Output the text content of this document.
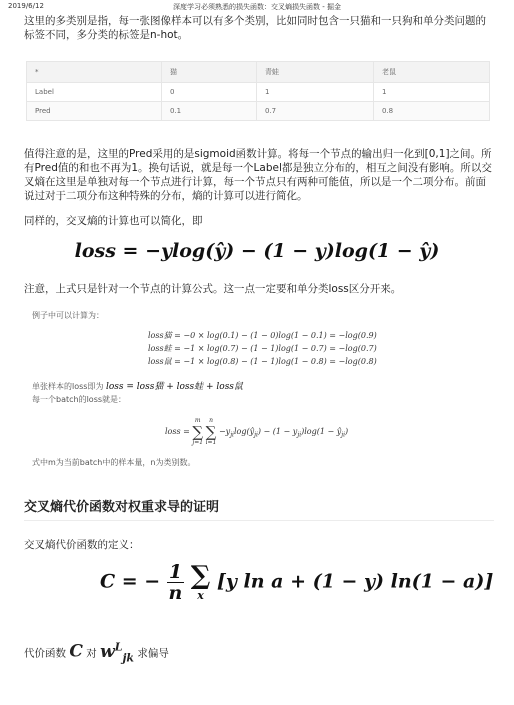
2019/6/12	深度学习必须熟悉的损失函数：交叉熵损失函数 - 掘金
这里的多类别是指，每一张图像样本可以有多个类别，比如同时包含一只猫和一只狗和单分类问题的标签不同，多分类的标签是n-hot。
*	猫	青蛙	老鼠
Label	0	1	1
Pred	0.1	0.7	0.8
值得注意的是，这里的Pred采用的是sigmoid函数计算。将每一个节点的输出归一化到[0,1]之间。所有Pred值的和也不再为1。换句话说，就是每一个Label都是独立分布的，相互之间没有影响。所以交叉熵在这里是单独对每一个节点进行计算，每一个节点只有两种可能值，所以是一个二项分布。前面说过对于二项分布这种特殊的分布，熵的计算可以进行简化。
同样的，交叉熵的计算也可以简化，即
loss = −ylog(ŷ) − (1 − y)log(1 − ŷ)
注意，上式只是针对一个节点的计算公式。这一点一定要和单分类loss区分开来。
例子中可以计算为：
loss猫 = −0 × log(0.1) − (1 − 0)log(1 − 0.1) = −log(0.9)
loss蛙 = −1 × log(0.7) − (1 − 1)log(1 − 0.7) = −log(0.7)
loss鼠 = −1 × log(0.8) − (1 − 1)log(1 − 0.8) = −log(0.8)
单张样本的loss即为 loss = loss猫 + loss蛙 + loss鼠
每一个batch的loss就是：
loss =
m
∑
j=1

n
∑
i=1
$-y_{ji}\log(ŷ_{ji}) - (1 - y_{ji})\log(1$ − $ŷ_{ji}$)
式中m为当前batch中的样本量，n为类别数。
交叉熵代价函数对权重求导的证明
交叉熵代价函数的定义：
C = − $\frac{1}{n}$
∑
x
[y ln a + (1 − y) ln(1 − a)]
代价函数 C 对 $w^L_{jk}$ 求偏导
